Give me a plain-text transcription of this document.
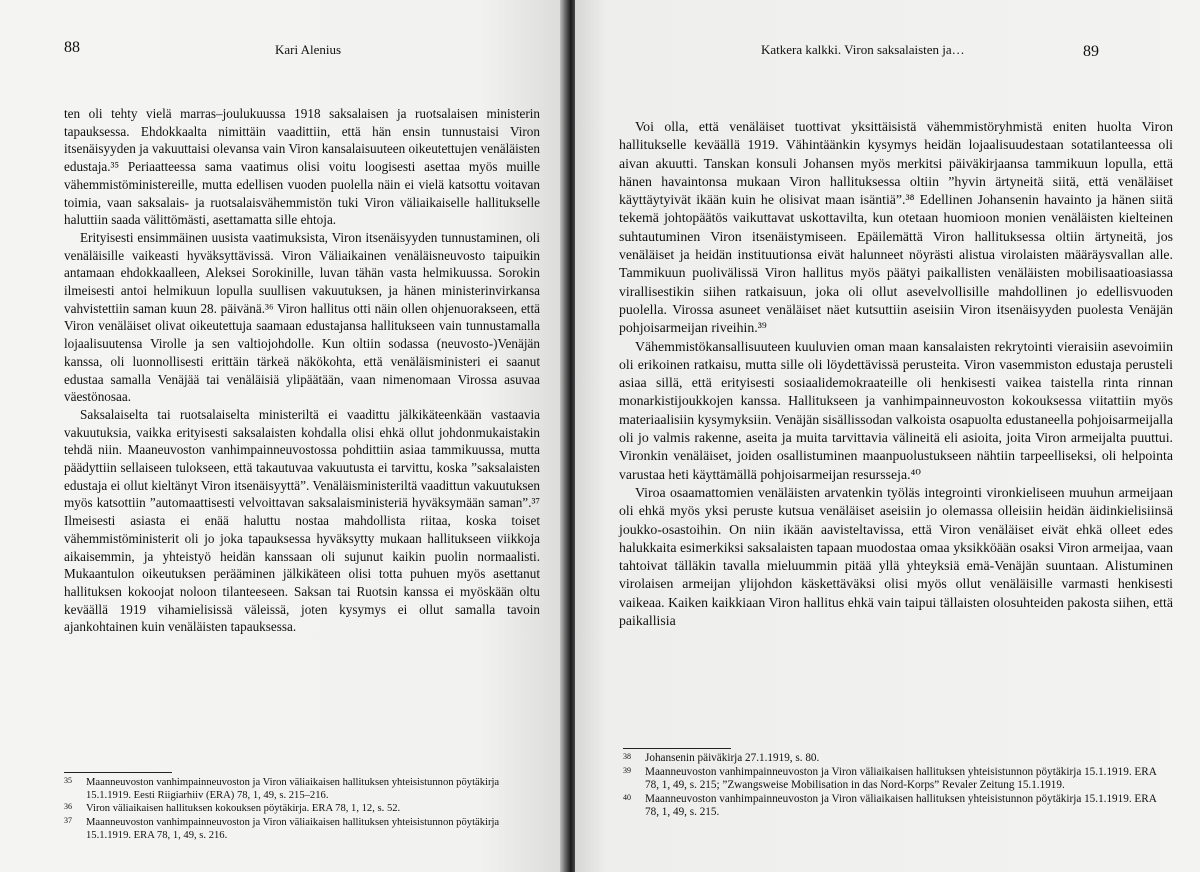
88	Kari Alenius

ten oli tehty vielä marras–joulukuussa 1918 saksalaisen ja ruotsalaisen ministerin tapauksessa. Ehdokkaalta nimittäin vaadittiin, että hän ensin tunnustaisi Viron itsenäisyyden ja vakuuttaisi olevansa vain Viron kansalaisuuteen oikeutettujen venäläisten edustaja.³⁵ Periaatteessa sama vaatimus olisi voitu loogisesti asettaa myös muille vähemmistöministereille, mutta edellisen vuoden puolella näin ei vielä katsottu voitavan toimia, vaan saksalais- ja ruotsalaisvähemmistön tuki Viron väliaikaiselle hallitukselle haluttiin saada välittömästi, asettamatta sille ehtoja.

Erityisesti ensimmäinen uusista vaatimuksista, Viron itsenäisyyden tunnustaminen, oli venäläisille vaikeasti hyväksyttävissä. Viron Väliaikainen venäläisneuvosto taipuikin antamaan ehdokkaalleen, Aleksei Sorokinille, luvan tähän vasta helmikuussa. Sorokin ilmeisesti antoi helmikuun lopulla suullisen vakuutuksen, ja hänen ministerinvirkansa vahvistettiin saman kuun 28. päivänä.³⁶ Viron hallitus otti näin ollen ohjenuorakseen, että Viron venäläiset olivat oikeutettuja saamaan edustajansa hallitukseen vain tunnustamalla lojaalisuutensa Virolle ja sen valtiojohdolle. Kun oltiin sodassa (neuvosto-)Venäjän kanssa, oli luonnollisesti erittäin tärkeä näkökohta, että venäläisministeri ei saanut edustaa samalla Venäjää tai venäläisiä ylipäätään, vaan nimenomaan Virossa asuvaa väestönosaa.

Saksalaiselta tai ruotsalaiselta ministeriltä ei vaadittu jälkikäteenkään vastaavia vakuutuksia, vaikka erityisesti saksalaisten kohdalla olisi ehkä ollut johdonmukaistakin tehdä niin. Maaneuvoston vanhimpainneuvostossa pohdittiin asiaa tammikuussa, mutta päädyttiin sellaiseen tulokseen, että takautuvaa vakuutusta ei tarvittu, koska ”saksalaisten edustaja ei ollut kieltänyt Viron itsenäisyyttä”. Venäläisministeriltä vaadittun vakuutuksen myös katsottiin ”automaattisesti velvoittavan saksalaisministeriä hyväksymään saman”.³⁷ Ilmeisesti asiasta ei enää haluttu nostaa mahdollista riitaa, koska toiset vähemmistöministerit oli jo joka tapauksessa hyväksytty mukaan hallitukseen viikkoja aikaisemmin, ja yhteistyö heidän kanssaan oli sujunut kaikin puolin normaalisti. Mukaantulon oikeutuksen perääminen jälkikäteen olisi totta puhuen myös asettanut hallituksen kokoojat noloon tilanteeseen. Saksan tai Ruotsin kanssa ei myöskään oltu keväällä 1919 vihamielisissä väleissä, joten kysymys ei ollut samalla tavoin ajankohtainen kuin venäläisten tapauksessa.

35	Maanneuvoston vanhimpainneuvoston ja Viron väliaikaisen hallituksen yhteisistunnon pöytäkirja 15.1.1919. Eesti Riigiarhiiv (ERA) 78, 1, 49, s. 215–216.
36	Viron väliaikaisen hallituksen kokouksen pöytäkirja. ERA 78, 1, 12, s. 52.
37	Maanneuvoston vanhimpainneuvoston ja Viron väliaikaisen hallituksen yhteisistunnon pöytäkirja 15.1.1919. ERA 78, 1, 49, s. 216.
Katkera kalkki. Viron saksalaisten ja…	89

Voi olla, että venäläiset tuottivat yksittäisistä vähemmistöryhmistä eniten huolta Viron hallitukselle keväällä 1919. Vähintäänkin kysymys heidän lojaalisuudestaan sotatilanteessa oli aivan akuutti. Tanskan konsuli Johansen myös merkitsi päiväkirjaansa tammikuun lopulla, että hänen havaintonsa mukaan Viron hallituksessa oltiin ”hyvin ärtyneitä siitä, että venäläiset käyttäytyivät ikään kuin he olisivat maan isäntiä”.³⁸ Edellinen Johansenin havainto ja hänen siitä tekemä johtopäätös vaikuttavat uskottavilta, kun otetaan huomioon monien venäläisten kielteinen suhtautuminen Viron itsenäistymiseen. Epäilemättä Viron hallituksessa oltiin ärtyneitä, jos venäläiset ja heidän instituutionsa eivät halunneet nöyrästi alistua virolaisten määräysvallan alle. Tammikuun puolivälissä Viron hallitus myös päätyi paikallisten venäläisten mobilisaatioasiassa virallisestikin siihen ratkaisuun, joka oli ollut asevelvollisille mahdollinen jo edellisvuoden puolella. Virossa asuneet venäläiset näet kutsuttiin aseisiin Viron itsenäisyyden puolesta Venäjän pohjoisarmeijan riveihin.³⁹

Vähemmistökansallisuuteen kuuluvien oman maan kansalaisten rekrytointi vieraisiin asevoimiin oli erikoinen ratkaisu, mutta sille oli löydettävissä perusteita. Viron vasemmiston edustaja perusteli asiaa sillä, että erityisesti sosiaalidemokraateille oli henkisesti vaikea taistella rinta rinnan monarkistijoukkojen kanssa. Hallitukseen ja vanhimpainneuvoston kokouksessa viitattiin myös materiaalisiin kysymyksiin. Venäjän sisällissodan valkoista osapuolta edustaneella pohjoisarmeijalla oli jo valmis rakenne, aseita ja muita tarvittavia välineitä eli asioita, joita Viron armeijalta puuttui. Vironkin venäläiset, joiden osallistuminen maanpuolustukseen nähtiin tarpeelliseksi, oli helpointa varustaa heti käyttämällä pohjoisarmeijan resursseja.⁴⁰

Viroa osaamattomien venäläisten arvatenkin työläs integrointi vironkieliseen muuhun armeijaan oli ehkä myös yksi peruste kutsua venäläiset aseisiin jo olemassa olleisiin heidän äidinkielisiinsä joukko-osastoihin. On niin ikään aavisteltavissa, että Viron venäläiset eivät ehkä olleet edes halukkaita esimerkiksi saksalaisten tapaan muodostaa omaa yksikköään osaksi Viron armeijaa, vaan tahtoivat tälläkin tavalla mieluummin pitää yllä yhteyksiä emä-Venäjän suuntaan. Alistuminen virolaisen armeijan ylijohdon käskettäväksi olisi myös ollut venäläisille varmasti henkisesti vaikeaa. Kaiken kaikkiaan Viron hallitus ehkä vain taipui tällaisten olosuhteiden pakosta siihen, että paikallisia

38	Johansenin päiväkirja 27.1.1919, s. 80.
39	Maanneuvoston vanhimpainneuvoston ja Viron väliaikaisen hallituksen yhteisistunnon pöytäkirja 15.1.1919. ERA 78, 1, 49, s. 215; ”Zwangsweise Mobilisation in das Nord-Korps” Revaler Zeitung 15.1.1919.
40	Maanneuvoston vanhimpainneuvoston ja Viron väliaikaisen hallituksen yhteisistunnon pöytäkirja 15.1.1919. ERA 78, 1, 49, s. 215.
